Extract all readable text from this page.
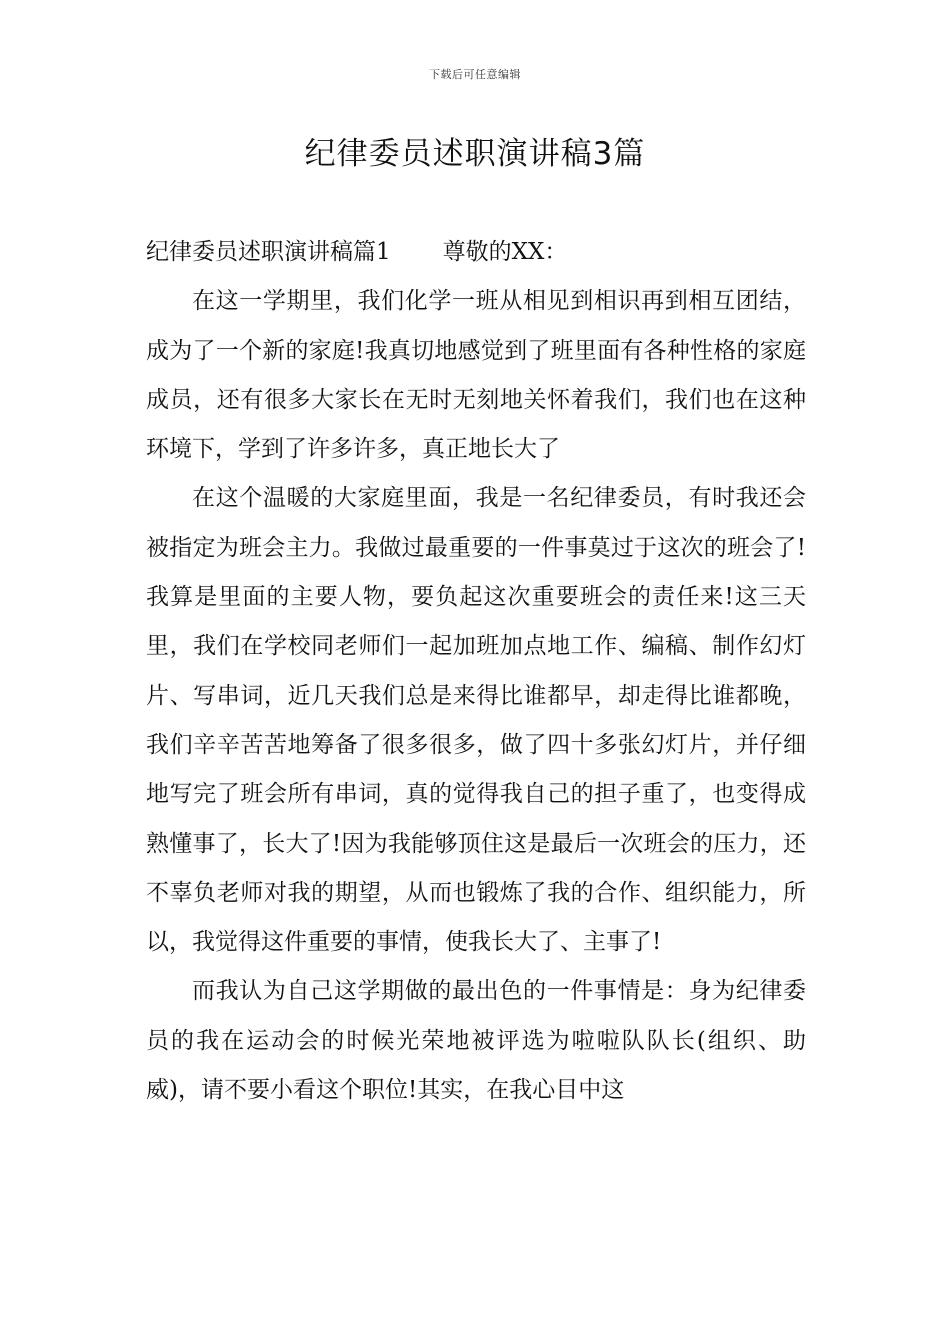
下载后可任意编辑
纪律委员述职演讲稿3篇

纪律委员述职演讲稿篇1 尊敬的XX：

在这一学期里，我们化学一班从相见到相识再到相互团结，成为了一个新的家庭!我真切地感觉到了班里面有各种性格的家庭成员，还有很多大家长在无时无刻地关怀着我们，我们也在这种环境下，学到了许多许多，真正地长大了

在这个温暖的大家庭里面，我是一名纪律委员，有时我还会被指定为班会主力。我做过最重要的一件事莫过于这次的班会了!我算是里面的主要人物，要负起这次重要班会的责任来!这三天里，我们在学校同老师们一起加班加点地工作、编稿、制作幻灯片、写串词，近几天我们总是来得比谁都早，却走得比谁都晚，我们辛辛苦苦地筹备了很多很多，做了四十多张幻灯片，并仔细地写完了班会所有串词，真的觉得我自己的担子重了，也变得成熟懂事了，长大了!因为我能够顶住这是最后一次班会的压力，还不辜负老师对我的期望，从而也锻炼了我的合作、组织能力，所以，我觉得这件重要的事情，使我长大了、主事了!

而我认为自己这学期做的最出色的一件事情是：身为纪律委员的我在运动会的时候光荣地被评选为啦啦队队长(组织、助威)，请不要小看这个职位!其实，在我心目中这
